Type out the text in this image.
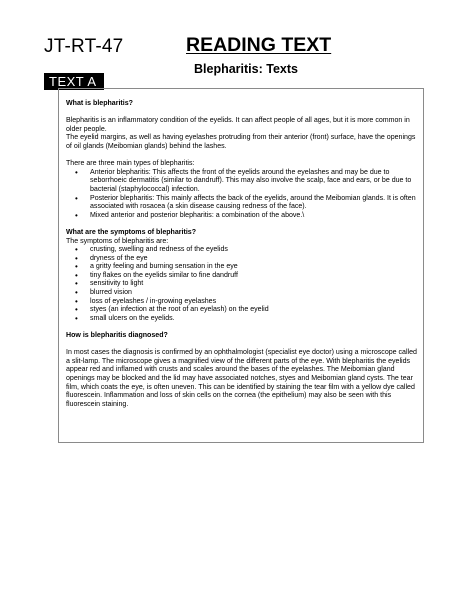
JT-RT-47	READING TEXT
Blepharitis: Texts
TEXT A

What is blepharitis?

Blepharitis is an inflammatory condition of the eyelids. It can affect people of all ages, but it is more common in older people.

The eyelid margins, as well as having eyelashes protruding from their anterior (front) surface, have the openings of oil glands (Meibomian glands) behind the lashes.

There are three main types of blepharitis:

• Anterior blepharitis: This affects the front of the eyelids around the eyelashes and may be due to seborrhoeic dermatitis (similar to dandruff). This may also involve the scalp, face and ears, or be due to bacterial (staphylococcal) infection.
• Posterior blepharitis: This mainly affects the back of the eyelids, around the Meibomian glands. It is often associated with rosacea (a skin disease causing redness of the face).
• Mixed anterior and posterior blepharitis: a combination of the above.\

What are the symptoms of blepharitis?

The symptoms of blepharitis are:

• crusting, swelling and redness of the eyelids
• dryness of the eye
• a gritty feeling and burning sensation in the eye
• tiny flakes on the eyelids similar to fine dandruff
• sensitivity to light
• blurred vision
• loss of eyelashes / in-growing eyelashes
• styes (an infection at the root of an eyelash) on the eyelid
• small ulcers on the eyelids.

How is blepharitis diagnosed?

In most cases the diagnosis is confirmed by an ophthalmologist (specialist eye doctor) using a microscope called a slit-lamp. The microscope gives a magnified view of the different parts of the eye. With blepharitis the eyelids appear red and inflamed with crusts and scales around the bases of the eyelashes. The Meibomian gland openings may be blocked and the lid may have associated notches, styes and Meibomian gland cysts. The tear film, which coats the eye, is often uneven. This can be identified by staining the tear film with a yellow dye called fluorescein. Inflammation and loss of skin cells on the cornea (the epithelium) may also be seen with this fluorescein staining.
